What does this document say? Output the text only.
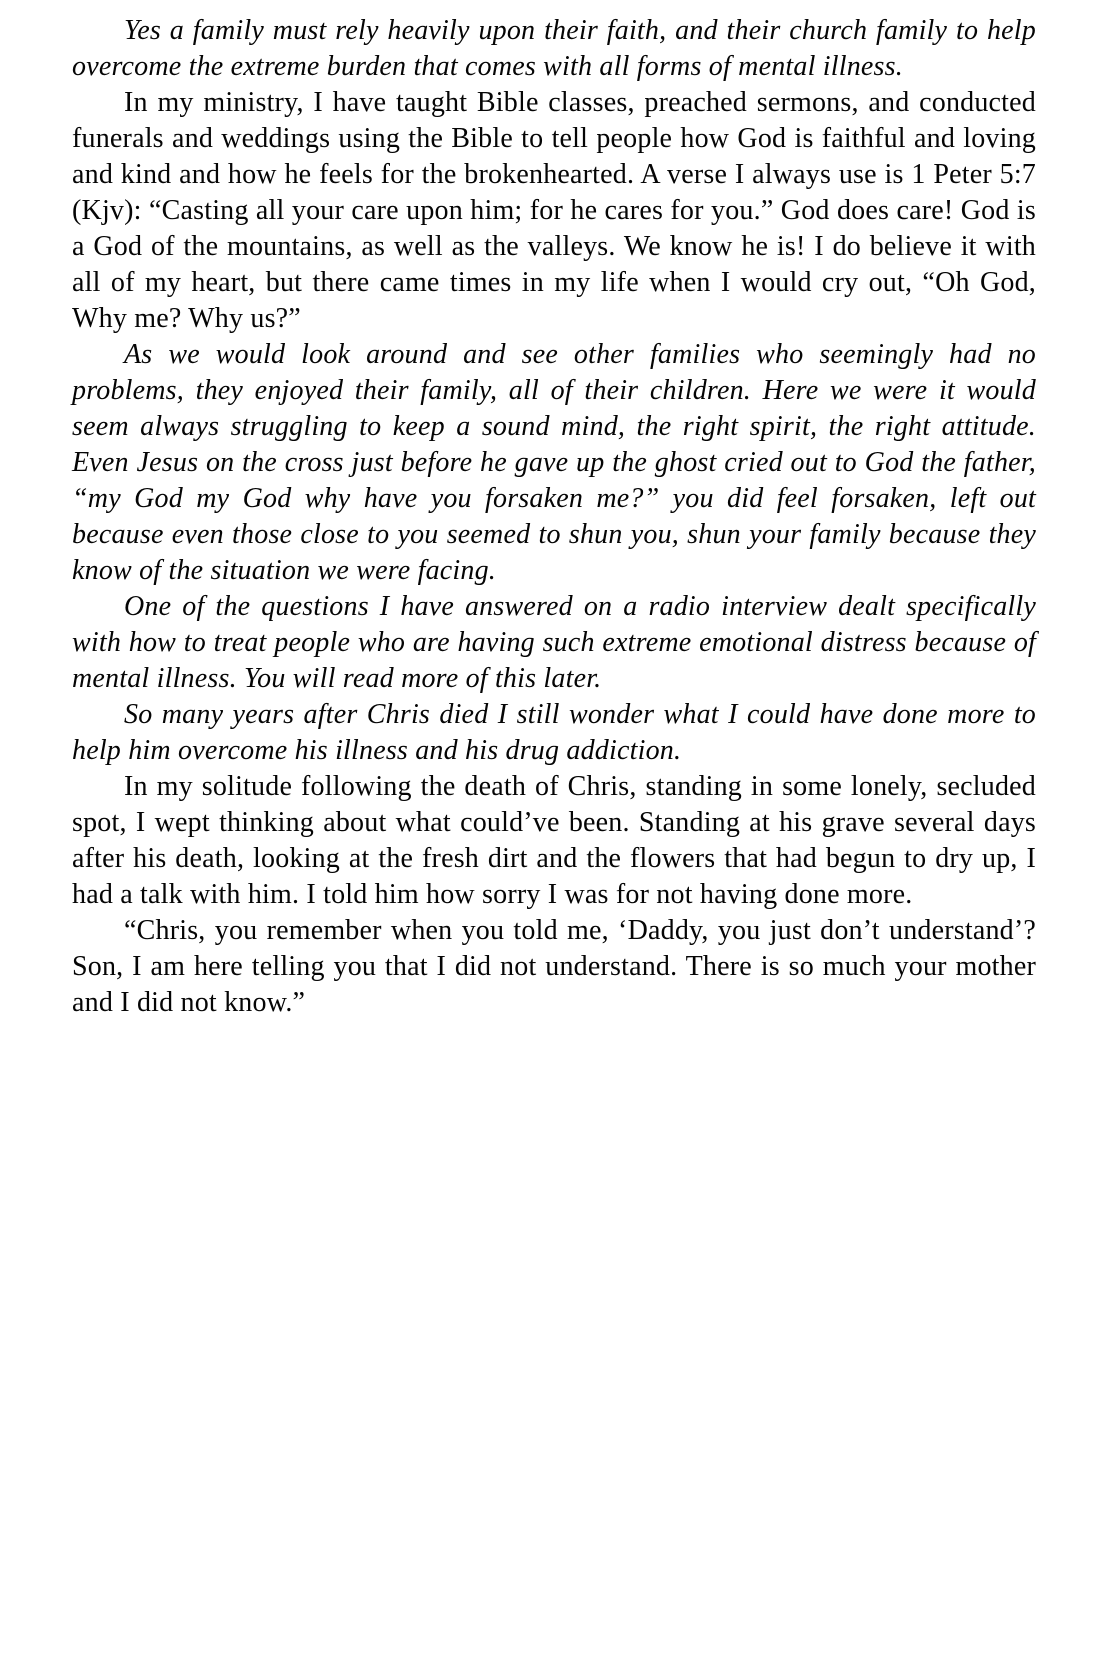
Yes a family must rely heavily upon their faith, and their church family to help overcome the extreme burden that comes with all forms of mental illness.

In my ministry, I have taught Bible classes, preached sermons, and conducted funerals and weddings using the Bible to tell people how God is faithful and loving and kind and how he feels for the brokenhearted. A verse I always use is 1 Peter 5:7 (Kjv): “Casting all your care upon him; for he cares for you.” God does care! God is a God of the mountains, as well as the valleys. We know he is! I do believe it with all of my heart, but there came times in my life when I would cry out, “Oh God, Why me? Why us?”

As we would look around and see other families who seemingly had no problems, they enjoyed their family, all of their children. Here we were it would seem always struggling to keep a sound mind, the right spirit, the right attitude. Even Jesus on the cross just before he gave up the ghost cried out to God the father, “my God my God why have you forsaken me?” you did feel forsaken, left out because even those close to you seemed to shun you, shun your family because they know of the situation we were facing.

One of the questions I have answered on a radio interview dealt specifically with how to treat people who are having such extreme emotional distress because of mental illness. You will read more of this later.

So many years after Chris died I still wonder what I could have done more to help him overcome his illness and his drug addiction.

In my solitude following the death of Chris, standing in some lonely, secluded spot, I wept thinking about what could’ve been. Standing at his grave several days after his death, looking at the fresh dirt and the flowers that had begun to dry up, I had a talk with him. I told him how sorry I was for not having done more.

“Chris, you remember when you told me, ‘Daddy, you just don’t understand’? Son, I am here telling you that I did not understand. There is so much your mother and I did not know.”
